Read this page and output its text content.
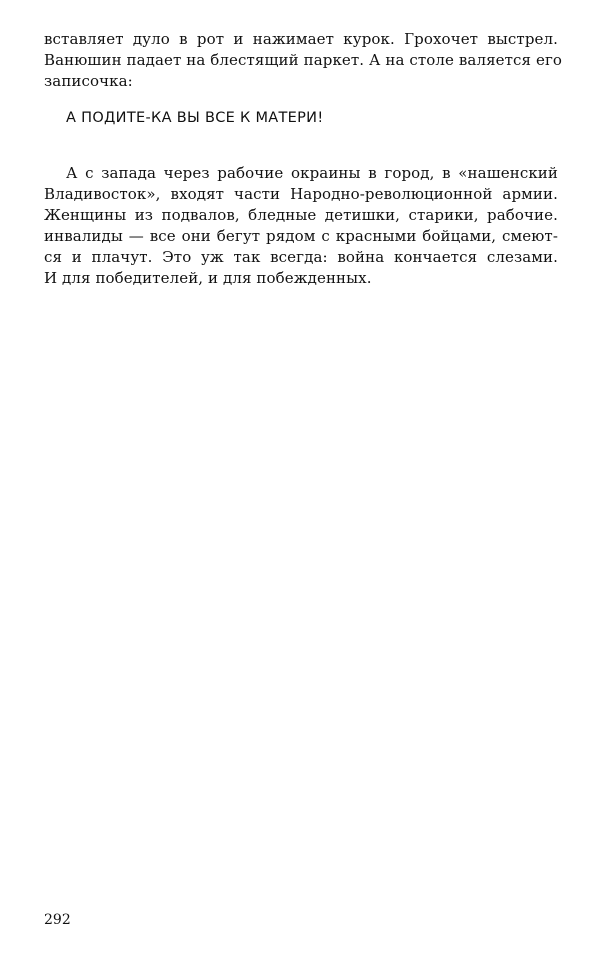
вставляет дуло в рот и нажимает курок. Грохочет выстрел.
Ванюшин падает на блестящий паркет. А на столе валяется его
записочка:
А ПОДИТЕ-КА ВЫ ВСЕ К МАТЕРИ!
А с запада через рабочие окраины в город, в «нашенский
Владивосток», входят части Народно-революционной армии.
Женщины из подвалов, бледные детишки, старики, рабочие.
инвалиды — все они бегут рядом с красными бойцами, смеют-
ся и плачут. Это уж так всегда: война кончается слезами.
И для победителей, и для побежденных.
292
